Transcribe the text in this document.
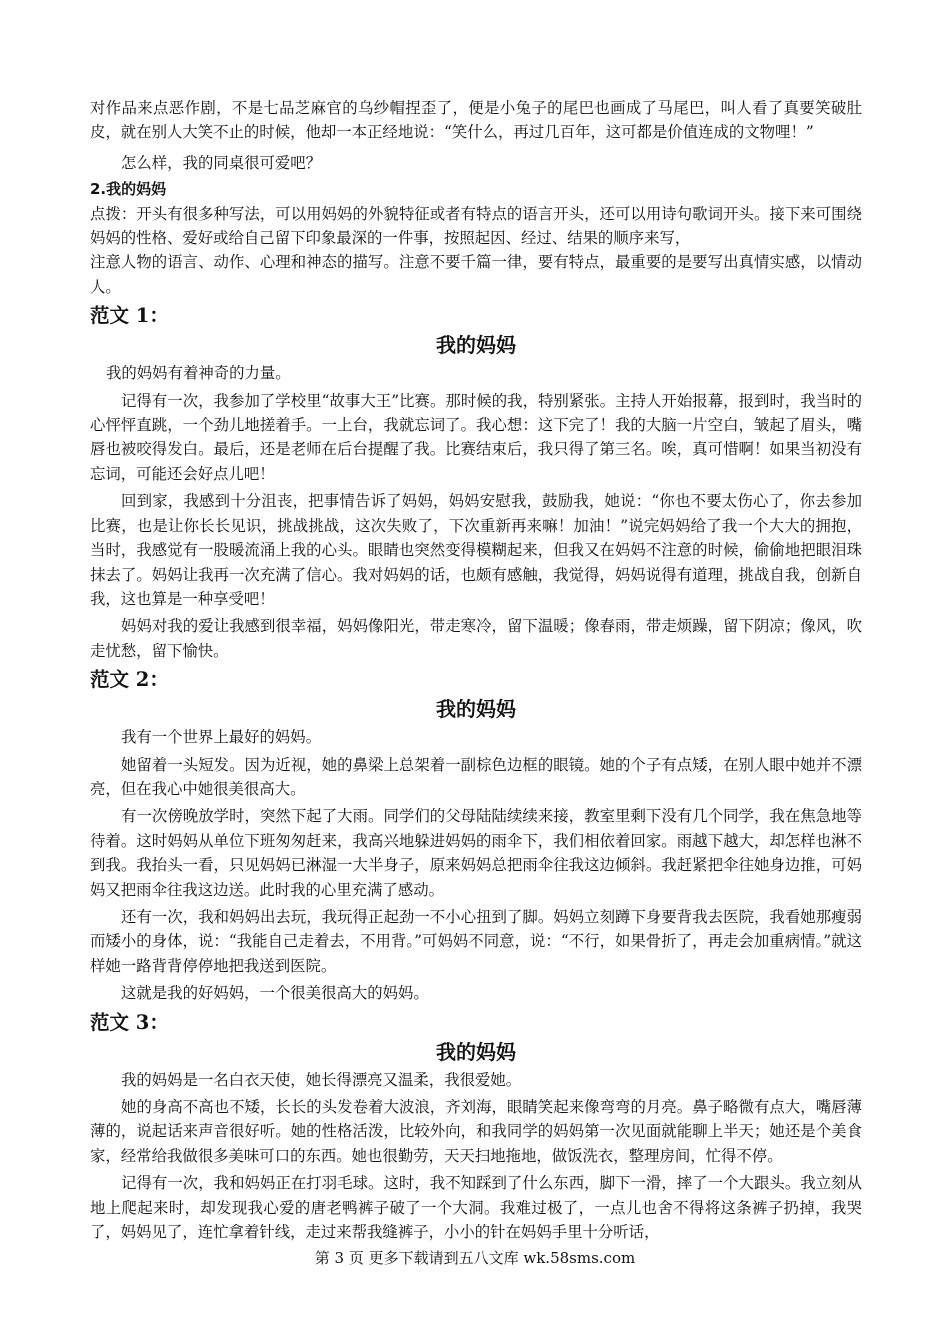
对作品来点恶作剧，不是七品芝麻官的乌纱帽捏歪了，便是小兔子的尾巴也画成了马尾巴，叫人看了真要笑破肚皮，就在别人大笑不止的时候，他却一本正经地说：“笑什么，再过几百年，这可都是价值连成的文物哩！”

怎么样，我的同桌很可爱吧？

2.我的妈妈

点拨：开头有很多种写法，可以用妈妈的外貌特征或者有特点的语言开头，还可以用诗句歌词开头。接下来可围绕妈妈的性格、爱好或给自己留下印象最深的一件事，按照起因、经过、结果的顺序来写，

注意人物的语言、动作、心理和神态的描写。注意不要千篇一律，要有特点，最重要的是要写出真情实感，以情动人。

范文 1：

我的妈妈

我的妈妈有着神奇的力量。

记得有一次，我参加了学校里“故事大王”比赛。那时候的我，特别紧张。主持人开始报幕，报到时，我当时的心怦怦直跳，一个劲儿地搓着手。一上台，我就忘词了。我心想：这下完了！我的大脑一片空白，皱起了眉头，嘴唇也被咬得发白。最后，还是老师在后台提醒了我。比赛结束后，我只得了第三名。唉，真可惜啊！如果当初没有忘词，可能还会好点儿吧！

回到家，我感到十分沮丧，把事情告诉了妈妈，妈妈安慰我，鼓励我，她说：“你也不要太伤心了，你去参加比赛，也是让你长长见识，挑战挑战，这次失败了，下次重新再来嘛！加油！”说完妈妈给了我一个大大的拥抱，当时，我感觉有一股暖流涌上我的心头。眼睛也突然变得模糊起来，但我又在妈妈不注意的时候，偷偷地把眼泪珠抹去了。妈妈让我再一次充满了信心。我对妈妈的话，也颇有感触，我觉得，妈妈说得有道理，挑战自我，创新自我，这也算是一种享受吧！

妈妈对我的爱让我感到很幸福，妈妈像阳光，带走寒冷，留下温暖；像春雨，带走烦躁，留下阴凉；像风，吹走忧愁，留下愉快。

范文 2：

我的妈妈

我有一个世界上最好的妈妈。

她留着一头短发。因为近视，她的鼻梁上总架着一副棕色边框的眼镜。她的个子有点矮，在别人眼中她并不漂亮，但在我心中她很美很高大。

有一次傍晚放学时，突然下起了大雨。同学们的父母陆陆续续来接，教室里剩下没有几个同学，我在焦急地等待着。这时妈妈从单位下班匆匆赶来，我高兴地躲进妈妈的雨伞下，我们相依着回家。雨越下越大，却怎样也淋不到我。我抬头一看，只见妈妈已淋湿一大半身子，原来妈妈总把雨伞往我这边倾斜。我赶紧把伞往她身边推，可妈妈又把雨伞往我这边送。此时我的心里充满了感动。

还有一次，我和妈妈出去玩，我玩得正起劲一不小心扭到了脚。妈妈立刻蹲下身要背我去医院，我看她那瘦弱而矮小的身体，说：“我能自己走着去，不用背。”可妈妈不同意，说：“不行，如果骨折了，再走会加重病情。”就这样她一路背背停停地把我送到医院。

这就是我的好妈妈，一个很美很高大的妈妈。

范文 3：

我的妈妈

我的妈妈是一名白衣天使，她长得漂亮又温柔，我很爱她。

她的身高不高也不矮，长长的头发卷着大波浪，齐刘海，眼睛笑起来像弯弯的月亮。鼻子略微有点大，嘴唇薄薄的，说起话来声音很好听。她的性格活泼，比较外向，和我同学的妈妈第一次见面就能聊上半天；她还是个美食家，经常给我做很多美味可口的东西。她也很勤劳，天天扫地拖地，做饭洗衣，整理房间，忙得不停。

记得有一次，我和妈妈正在打羽毛球。这时，我不知踩到了什么东西，脚下一滑，摔了一个大跟头。我立刻从地上爬起来时，却发现我心爱的唐老鸭裤子破了一个大洞。我难过极了，一点儿也舍不得将这条裤子扔掉，我哭了，妈妈见了，连忙拿着针线，走过来帮我缝裤子，小小的针在妈妈手里十分听话，

第 3 页 更多下载请到五八文库 wk.58sms.com
